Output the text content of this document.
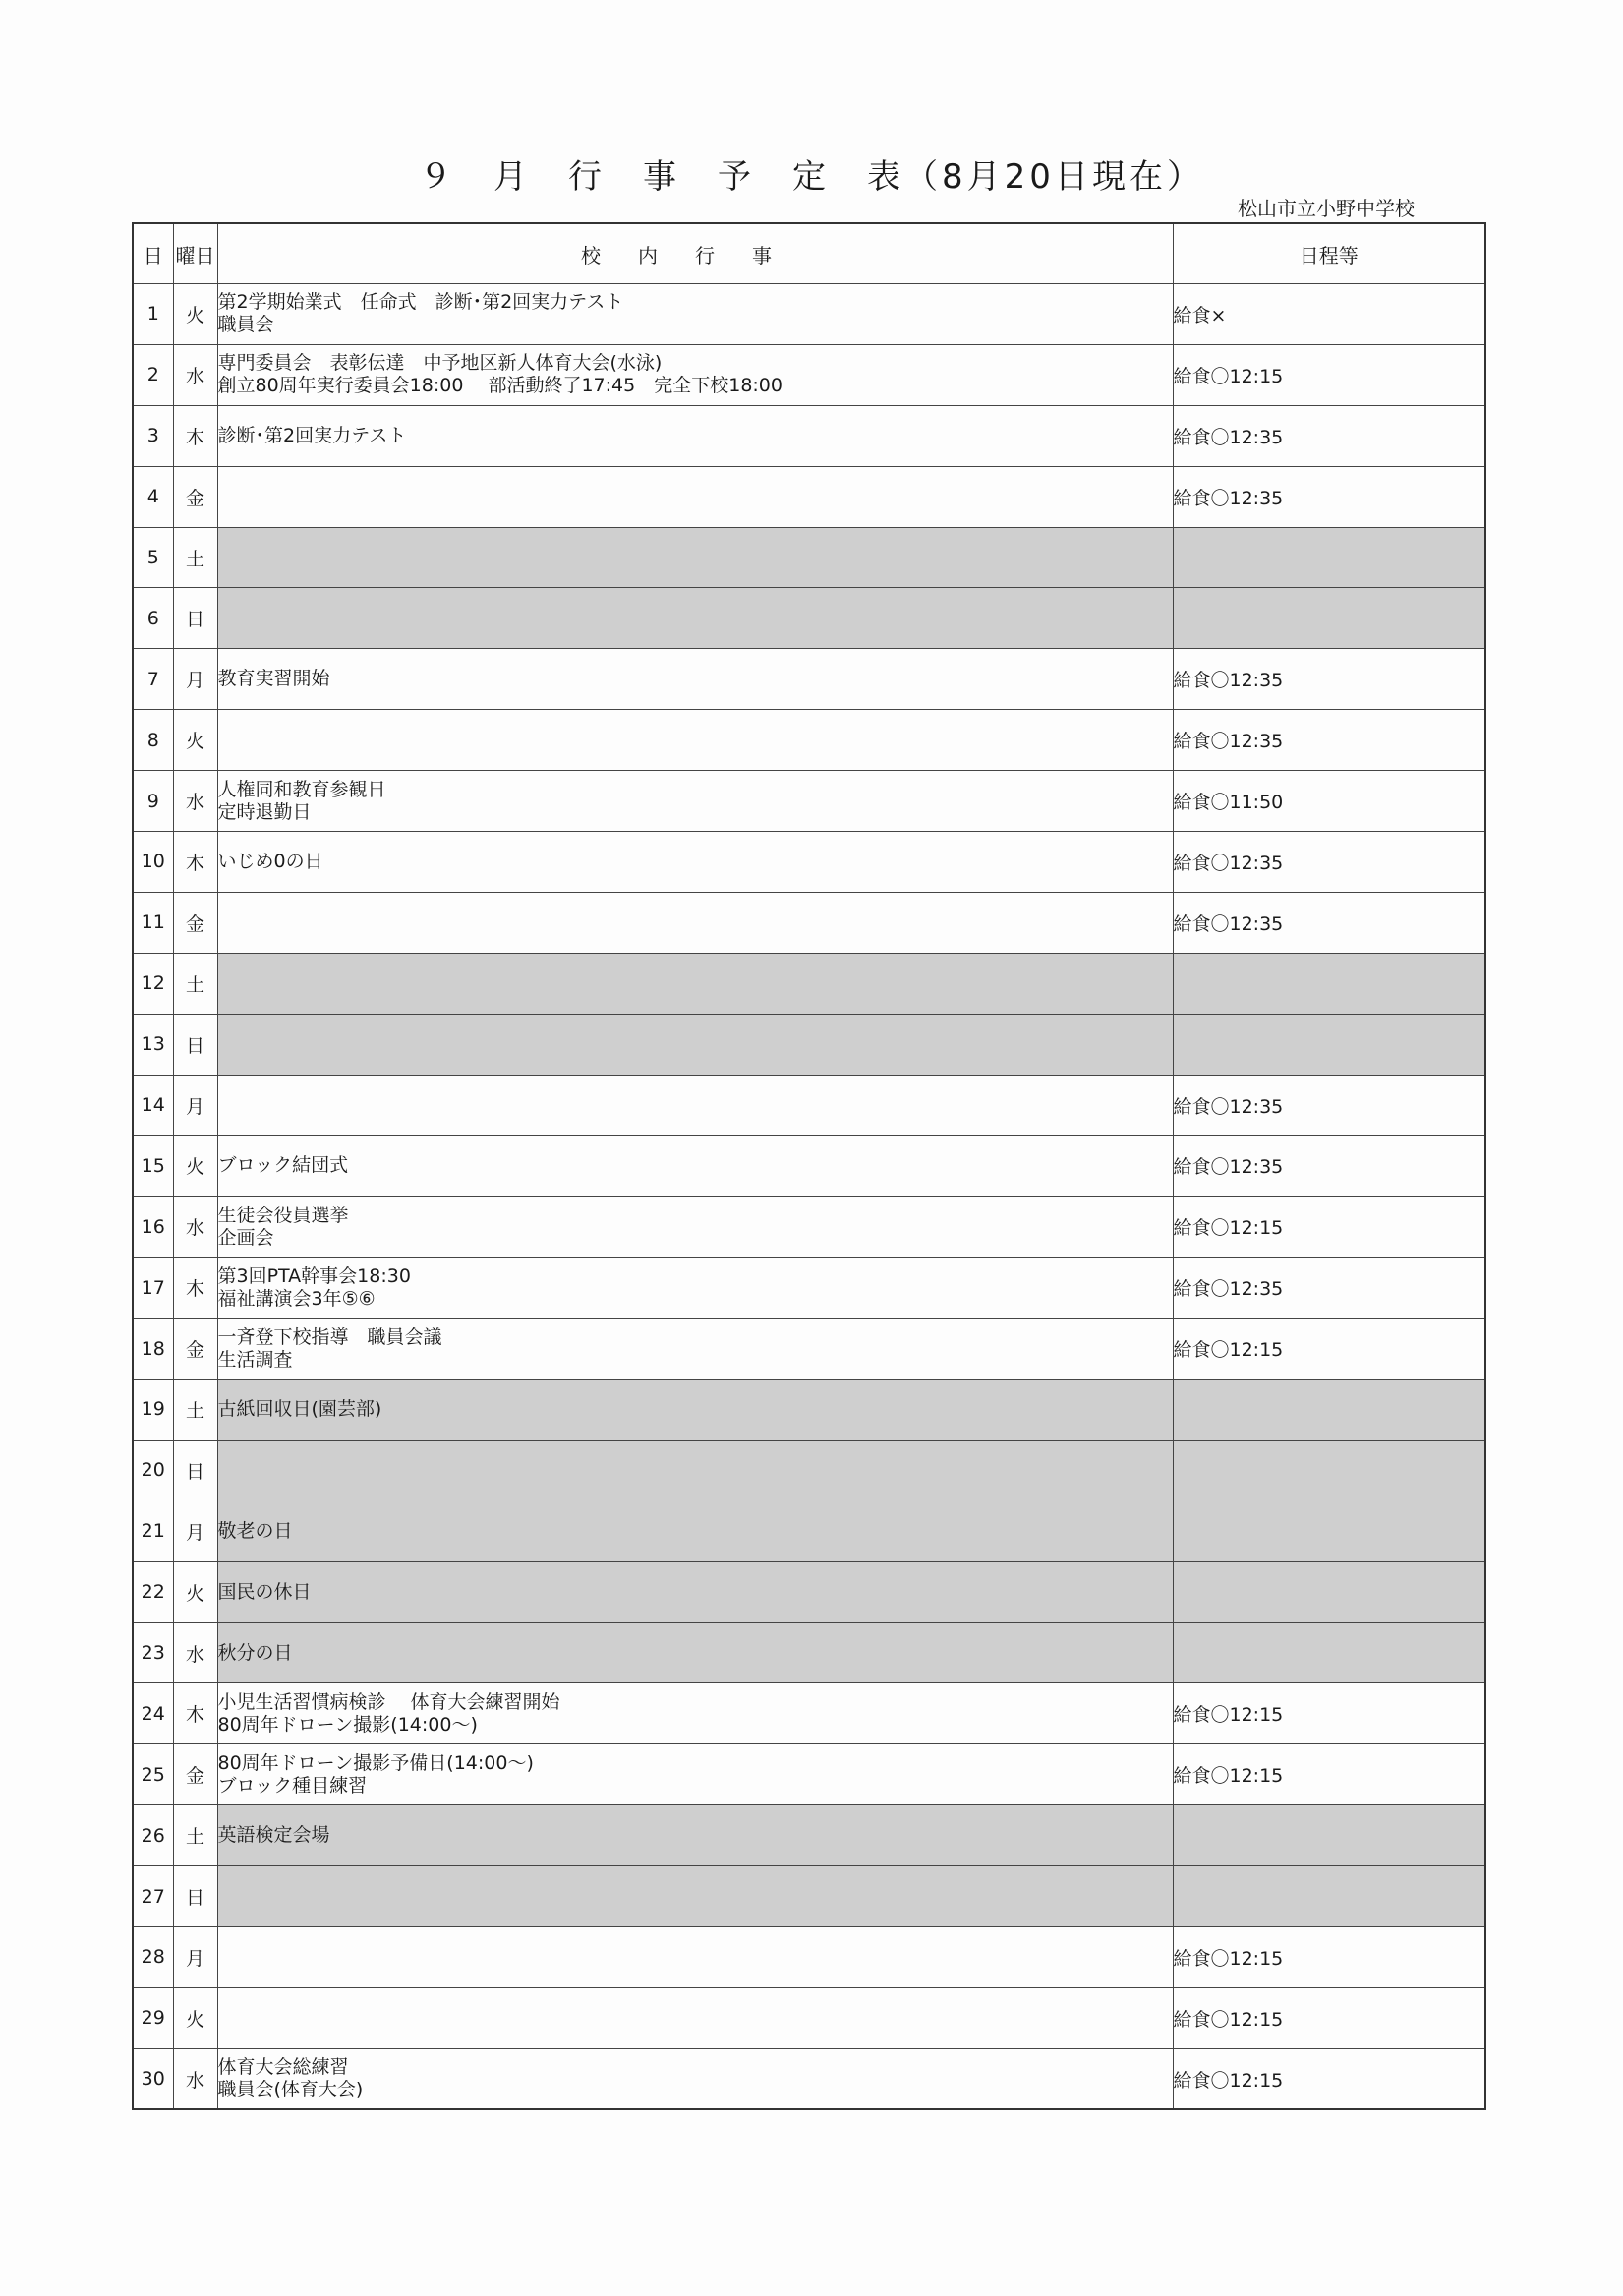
９　月　行　事　予　定　表（8月20日現在）
松山市立小野中学校
日	曜日	校内行事	日程等
1	火	第2学期始業式　任命式　診断･第2回実力テスト
職員会	給食×
2	水	専門委員会　表彰伝達　中予地区新人体育大会(水泳)
創立80周年実行委員会18:00　 部活動終了17:45　完全下校18:00	給食〇12:15
3	木	診断･第2回実力テスト	給食〇12:35
4	金		給食〇12:35
5	土		
6	日		
7	月	教育実習開始	給食〇12:35
8	火		給食〇12:35
9	水	人権同和教育参観日
定時退勤日	給食〇11:50
10	木	いじめ0の日	給食〇12:35
11	金		給食〇12:35
12	土		
13	日		
14	月		給食〇12:35
15	火	ブロック結団式	給食〇12:35
16	水	生徒会役員選挙
企画会	給食〇12:15
17	木	第3回PTA幹事会18:30
福祉講演会3年⑤⑥	給食〇12:35
18	金	一斉登下校指導　職員会議
生活調査	給食〇12:15
19	土	古紙回収日(園芸部)	

20	日		
21	月	敬老の日	

22	火	国民の休日	

23	水	秋分の日	

24	木	小児生活習慣病検診　 体育大会練習開始
80周年ドローン撮影(14:00～)	給食〇12:15
25	金	80周年ドローン撮影予備日(14:00～)
ブロック種目練習	給食〇12:15
26	土	英語検定会場	

27	日		
28	月		給食〇12:15
29	火		給食〇12:15
30	水	体育大会総練習
職員会(体育大会)	給食〇12:15
